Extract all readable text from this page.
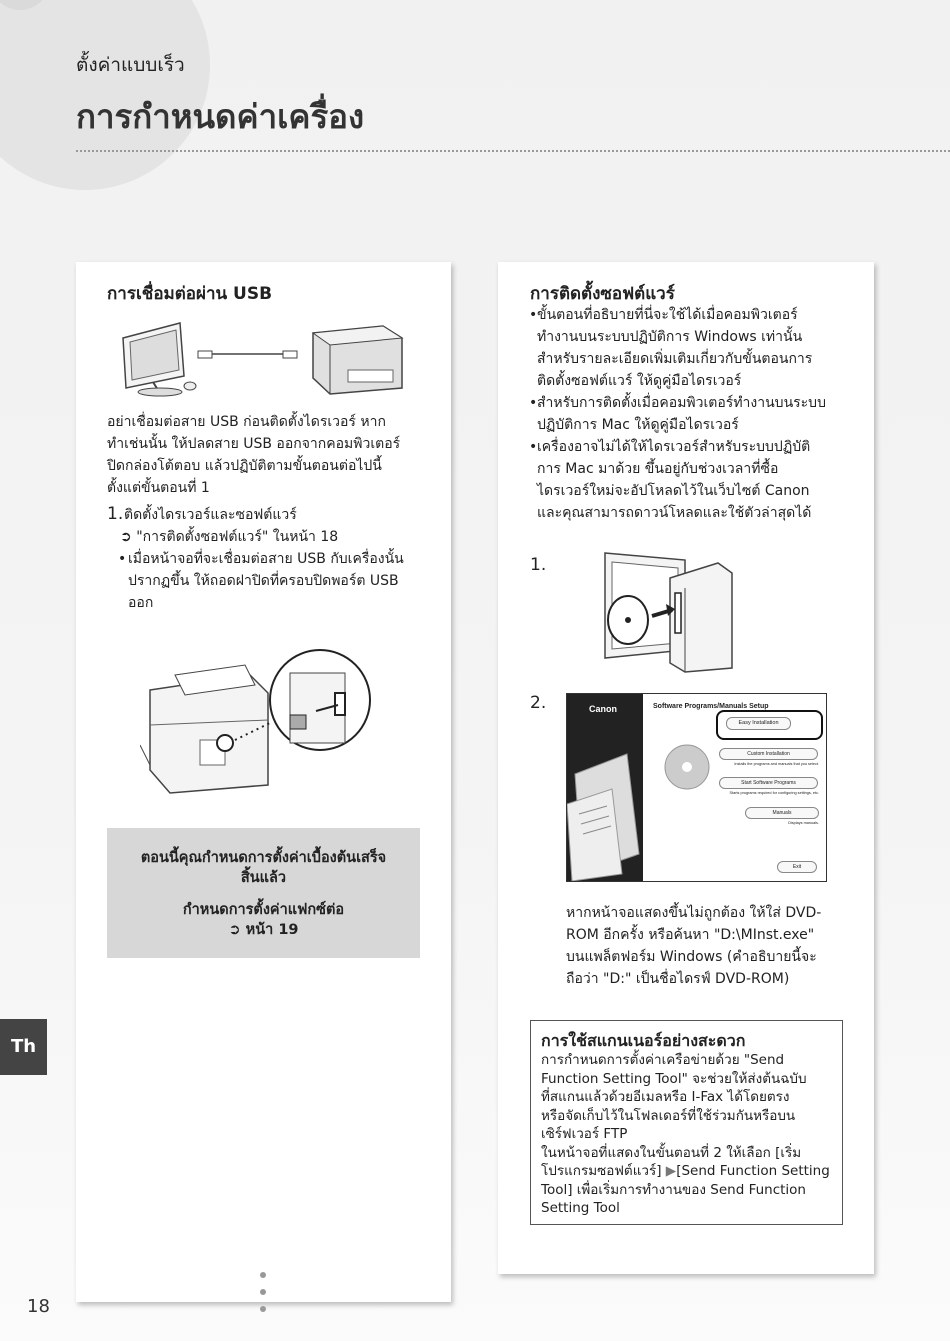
ตั้งค่าแบบเร็ว
การกำหนดค่าเครื่อง
การเชื่อมต่อผ่าน USB
อย่าเชื่อมต่อสาย USB ก่อนติดตั้งไดรเวอร์ หาก
ทำเช่นนั้น ให้ปลดสาย USB ออกจากคอมพิวเตอร์
ปิดกล่องโต้ตอบ แล้วปฏิบัติตามขั้นตอนต่อไปนี้
ตั้งแต่ขั้นตอนที่ 1
1. ติดตั้งไดรเวอร์และซอฟต์แวร์
➲ "การติดตั้งซอฟต์แวร์" ในหน้า 18
• เมื่อหน้าจอที่จะเชื่อมต่อสาย USB กับเครื่องนั้น
ปรากฏขึ้น ให้ถอดฝาปิดที่ครอบปิดพอร์ต USB
ออก
ตอนนี้คุณกำหนดการตั้งค่าเบื้องต้นเสร็จ
สิ้นแล้ว
กำหนดการตั้งค่าแฟกซ์ต่อ
➲ หน้า 19
การติดตั้งซอฟต์แวร์
• ขั้นตอนที่อธิบายที่นี่จะใช้ได้เมื่อคอมพิวเตอร์
ทำงานบนระบบปฏิบัติการ Windows เท่านั้น
สำหรับรายละเอียดเพิ่มเติมเกี่ยวกับขั้นตอนการ
ติดตั้งซอฟต์แวร์ ให้ดูคู่มือไดรเวอร์
• สำหรับการติดตั้งเมื่อคอมพิวเตอร์ทำงานบนระบบ
ปฏิบัติการ Mac ให้ดูคู่มือไดรเวอร์
• เครื่องอาจไม่ได้ให้ไดรเวอร์สำหรับระบบปฏิบัติ
การ Mac มาด้วย ขึ้นอยู่กับช่วงเวลาที่ซื้อ
ไดรเวอร์ใหม่จะอัปโหลดไว้ในเว็บไซต์ Canon
และคุณสามารถดาวน์โหลดและใช้ตัวล่าสุดได้
1.
2.	Canon	Software Programs/Manuals Setup
Easy Installation
Custom Installation
Installs the programs and manuals that you select.
Start Software Programs
Starts programs required for configuring settings, etc.
Manuals
Displays manuals.
Exit
หากหน้าจอแสดงขึ้นไม่ถูกต้อง ให้ใส่ DVD-
ROM อีกครั้ง หรือค้นหา "D:\MInst.exe"
บนแพล็ตฟอร์ม Windows (คำอธิบายนี้จะ
ถือว่า "D:" เป็นชื่อไดรฟ์ DVD-ROM)
การใช้สแกนเนอร์อย่างสะดวก
การกำหนดการตั้งค่าเครือข่ายด้วย "Send
Function Setting Tool" จะช่วยให้ส่งต้นฉบับ
ที่สแกนแล้วด้วยอีเมลหรือ I-Fax ได้โดยตรง
หรือจัดเก็บไว้ในโฟลเดอร์ที่ใช้ร่วมกันหรือบน
เซิร์ฟเวอร์ FTP
ในหน้าจอที่แสดงในขั้นตอนที่ 2 ให้เลือก [เริ่ม
โปรแกรมซอฟต์แวร์] ▶[Send Function Setting
Tool] เพื่อเริ่มการทำงานของ Send Function
Setting Tool
Th
18
